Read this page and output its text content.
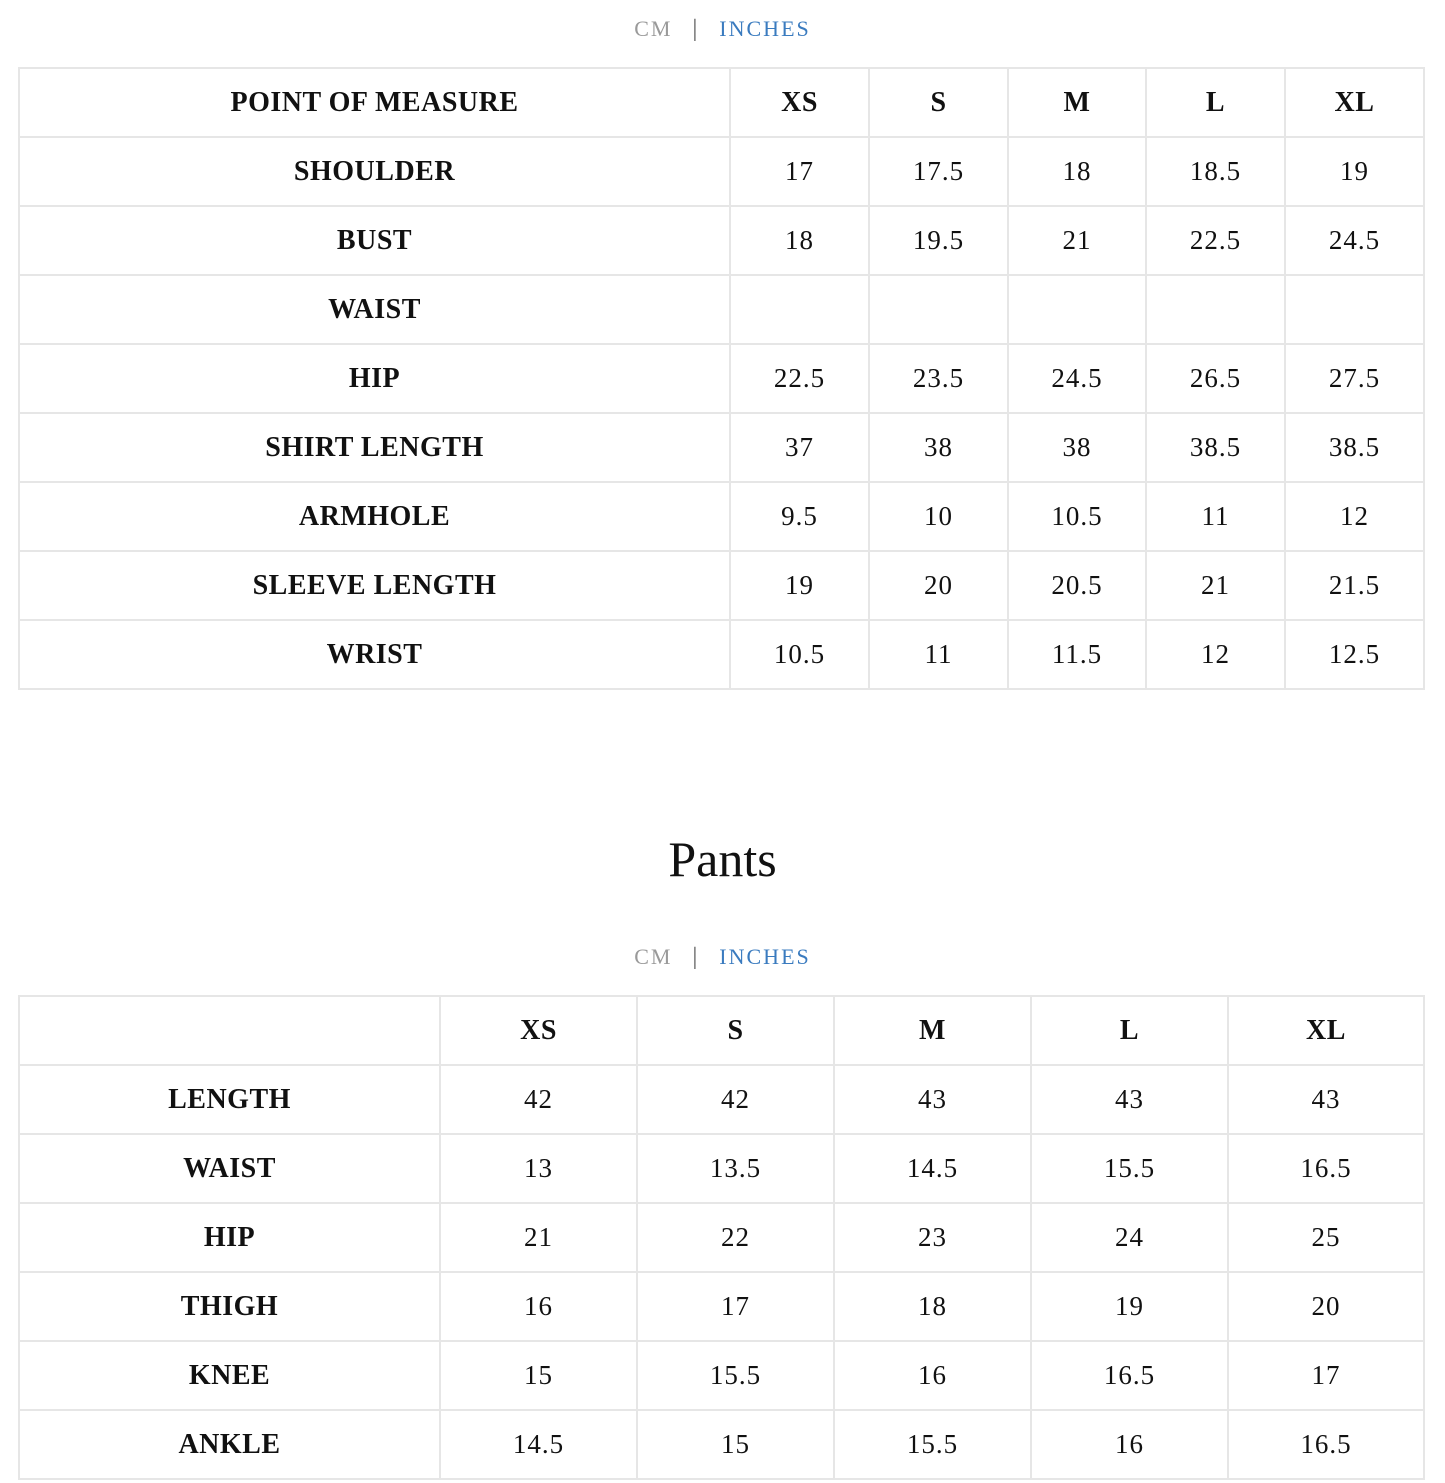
CM | INCHES
POINT OF MEASURE	XS	S	M	L	XL
SHOULDER	17	17.5	18	18.5	19
BUST	18	19.5	21	22.5	24.5
WAIST					
HIP	22.5	23.5	24.5	26.5	27.5
SHIRT LENGTH	37	38	38	38.5	38.5
ARMHOLE	9.5	10	10.5	11	12
SLEEVE LENGTH	19	20	20.5	21	21.5
WRIST	10.5	11	11.5	12	12.5
Pants
CM | INCHES
	XS	S	M	L	XL
LENGTH	42	42	43	43	43
WAIST	13	13.5	14.5	15.5	16.5
HIP	21	22	23	24	25
THIGH	16	17	18	19	20
KNEE	15	15.5	16	16.5	17
ANKLE	14.5	15	15.5	16	16.5
